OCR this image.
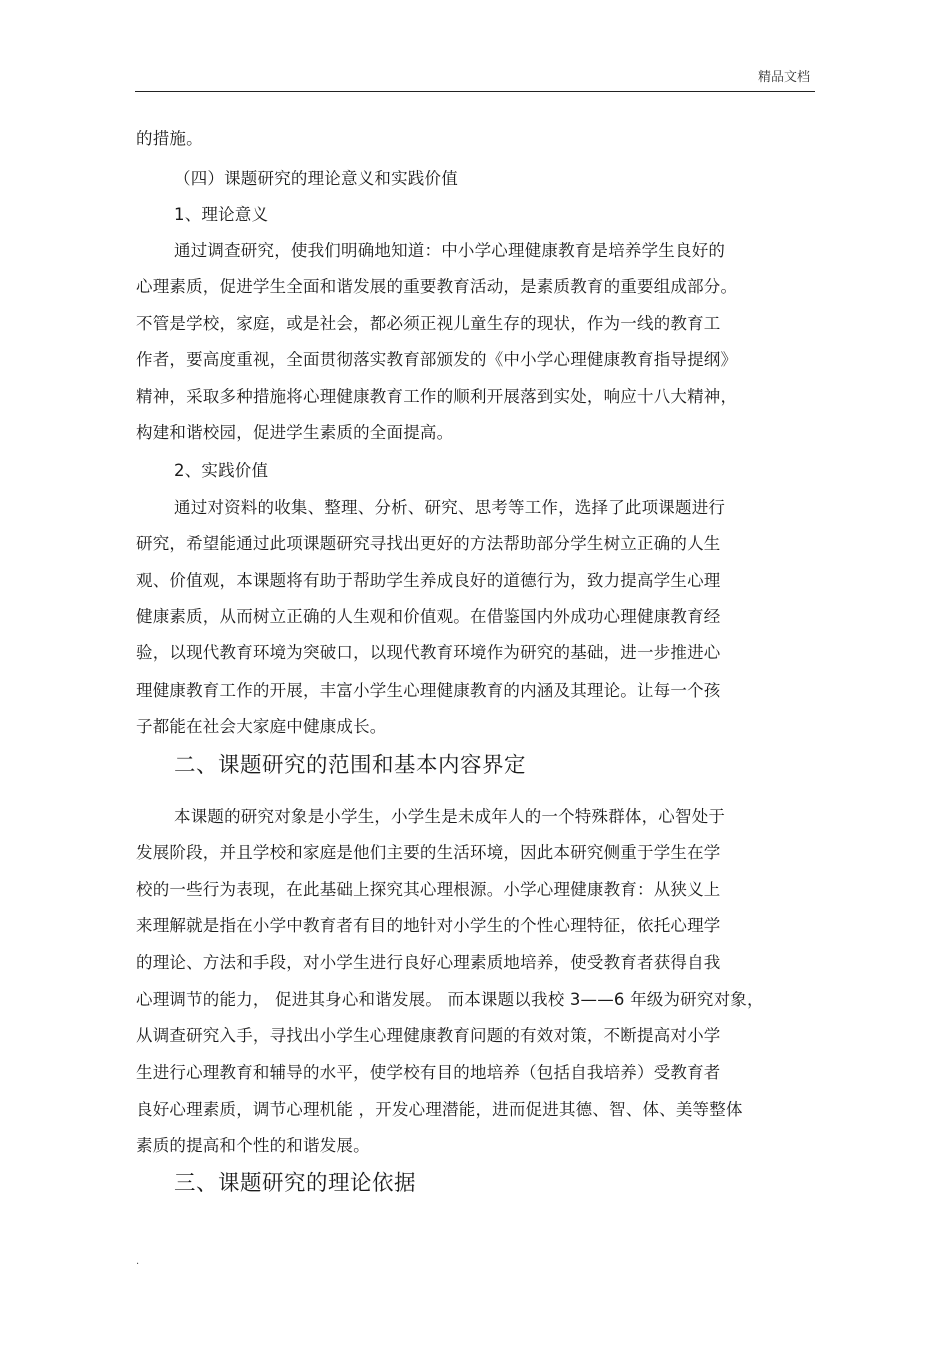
精品文档
的措施。
（四）课题研究的理论意义和实践价值
1、理论意义
通过调查研究，使我们明确地知道：中小学心理健康教育是培养学生良好的
心理素质，促进学生全面和谐发展的重要教育活动，是素质教育的重要组成部分。
不管是学校，家庭，或是社会，都必须正视儿童生存的现状，作为一线的教育工
作者，要高度重视，全面贯彻落实教育部颁发的《中小学心理健康教育指导提纲》
精神，采取多种措施将心理健康教育工作的顺利开展落到实处，响应十八大精神，
构建和谐校园，促进学生素质的全面提高。
2、实践价值
通过对资料的收集、整理、分析、研究、思考等工作，选择了此项课题进行
研究，希望能通过此项课题研究寻找出更好的方法帮助部分学生树立正确的人生
观、价值观，本课题将有助于帮助学生养成良好的道德行为，致力提高学生心理
健康素质，从而树立正确的人生观和价值观。在借鉴国内外成功心理健康教育经
验，以现代教育环境为突破口，以现代教育环境作为研究的基础，进一步推进心
理健康教育工作的开展，丰富小学生心理健康教育的内涵及其理论。让每一个孩
子都能在社会大家庭中健康成长。
二、课题研究的范围和基本内容界定
本课题的研究对象是小学生，小学生是未成年人的一个特殊群体，心智处于
发展阶段，并且学校和家庭是他们主要的生活环境，因此本研究侧重于学生在学
校的一些行为表现，在此基础上探究其心理根源。小学心理健康教育：从狭义上
来理解就是指在小学中教育者有目的地针对小学生的个性心理特征，依托心理学
的理论、方法和手段，对小学生进行良好心理素质地培养，使受教育者获得自我
心理调节的能力， 促进其身心和谐发展。 而本课题以我校 3——6 年级为研究对象，
从调查研究入手，寻找出小学生心理健康教育问题的有效对策，不断提高对小学
生进行心理教育和辅导的水平，使学校有目的地培养（包括自我培养）受教育者
良好心理素质，调节心理机能 ，开发心理潜能，进而促进其德、智、体、美等整体
素质的提高和个性的和谐发展。
三、课题研究的理论依据
.
